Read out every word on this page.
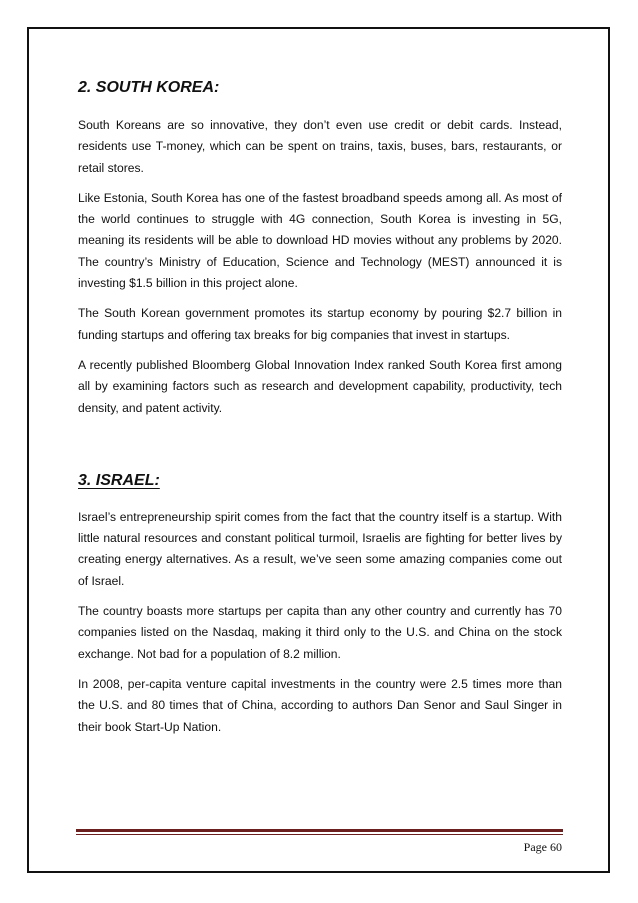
2. SOUTH KOREA:

South Koreans are so innovative, they don’t even use credit or debit cards. Instead, residents use T-money, which can be spent on trains, taxis, buses, bars, restaurants, or retail stores.

Like Estonia, South Korea has one of the fastest broadband speeds among all. As most of the world continues to struggle with 4G connection, South Korea is investing in 5G, meaning its residents will be able to download HD movies without any problems by 2020. The country’s Ministry of Education, Science and Technology (MEST) announced it is investing $1.5 billion in this project alone.

The South Korean government promotes its startup economy by pouring $2.7 billion in funding startups and offering tax breaks for big companies that invest in startups.

A recently published Bloomberg Global Innovation Index ranked South Korea first among all by examining factors such as research and development capability, productivity, tech density, and patent activity.

3. ISRAEL:

Israel’s entrepreneurship spirit comes from the fact that the country itself is a startup. With little natural resources and constant political turmoil, Israelis are fighting for better lives by creating energy alternatives. As a result, we’ve seen some amazing companies come out of Israel.

The country boasts more startups per capita than any other country and currently has 70 companies listed on the Nasdaq, making it third only to the U.S. and China on the stock exchange. Not bad for a population of 8.2 million.

In 2008, per-capita venture capital investments in the country were 2.5 times more than the U.S. and 80 times that of China, according to authors Dan Senor and Saul Singer in their book Start-Up Nation.

Page 60
